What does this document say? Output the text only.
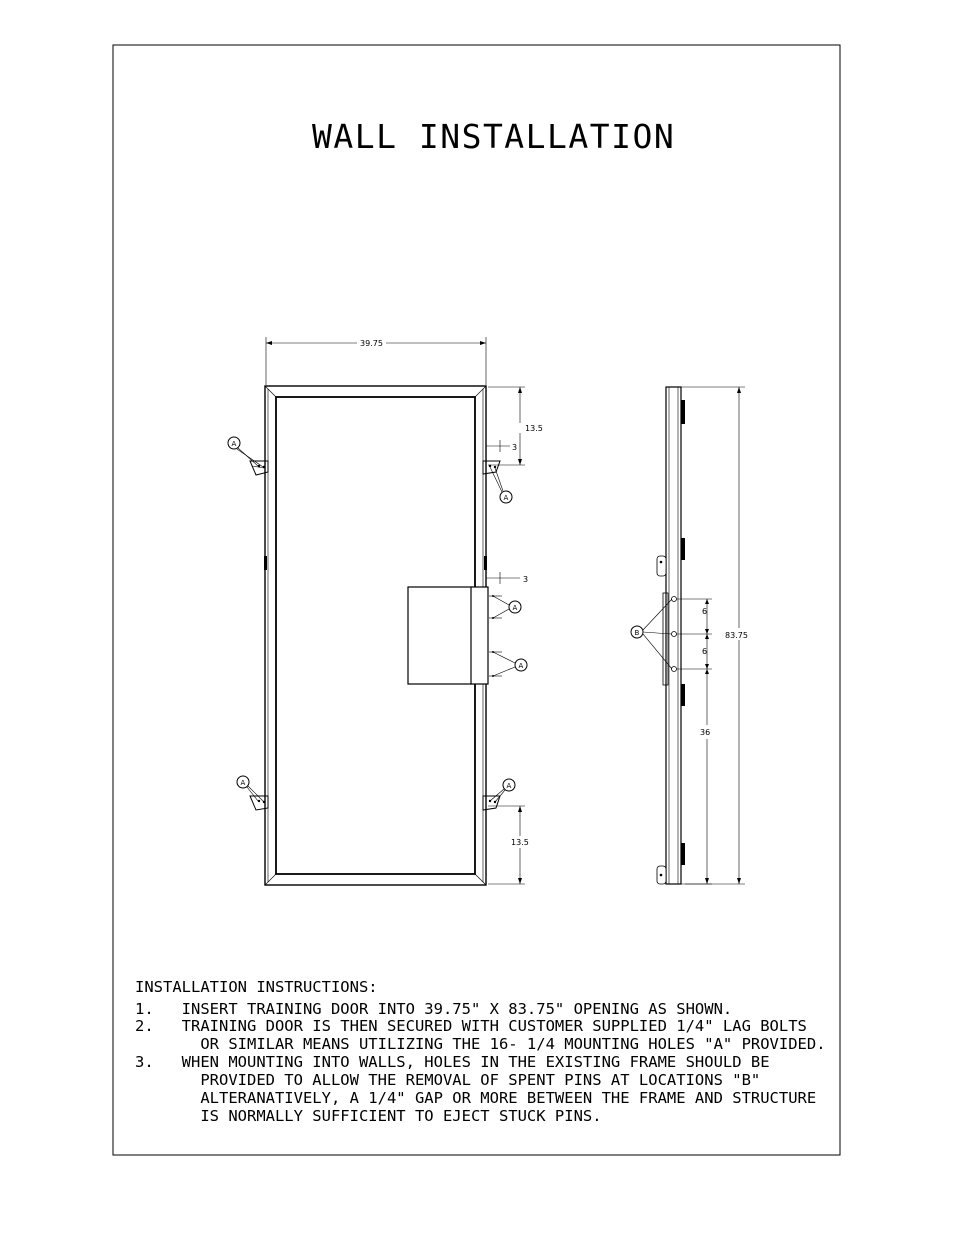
WALL INSTALLATION
39.75
13.5
3
3
13.5
A
A
A
A
A	A
B
6
6
36
83.75
INSTALLATION INSTRUCTIONS:
1.   INSERT TRAINING DOOR INTO 39.75" X 83.75" OPENING AS SHOWN.
2.   TRAINING DOOR IS THEN SECURED WITH CUSTOMER SUPPLIED 1/4" LAG BOLTS
OR SIMILAR MEANS UTILIZING THE 16- 1/4 MOUNTING HOLES "A" PROVIDED.
3.   WHEN MOUNTING INTO WALLS, HOLES IN THE EXISTING FRAME SHOULD BE
PROVIDED TO ALLOW THE REMOVAL OF SPENT PINS AT LOCATIONS "B"
ALTERANATIVELY, A 1/4" GAP OR MORE BETWEEN THE FRAME AND STRUCTURE
IS NORMALLY SUFFICIENT TO EJECT STUCK PINS.
